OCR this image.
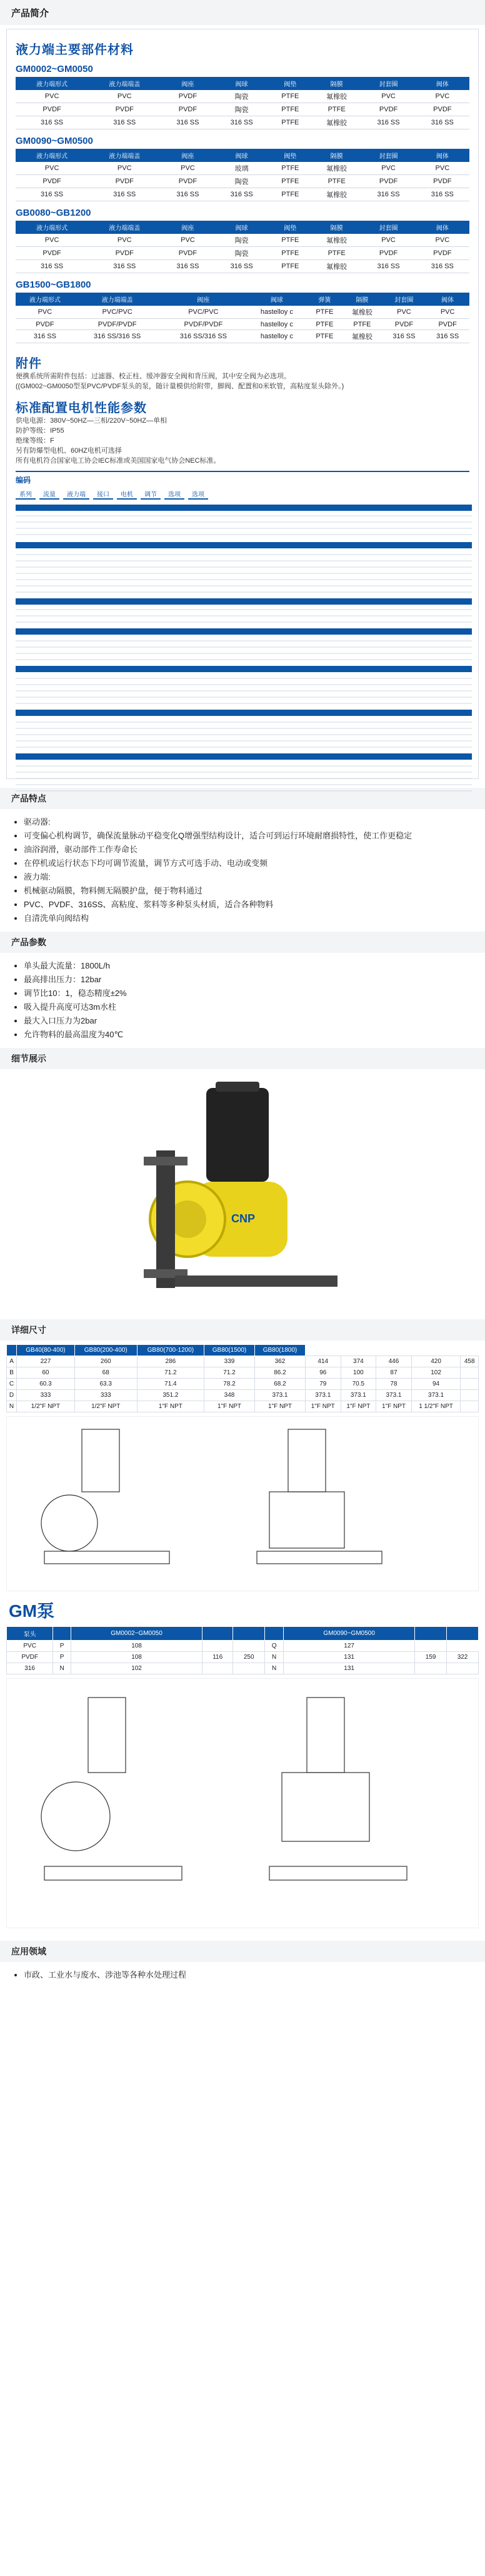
产品简介
液力端主要部件材料
GM0002~GM0050
液力端形式	液力端端盖	阀座	阀球	阀垫	隔膜	封套圈	阀体
PVC	PVC	PVDF	陶瓷	PTFE	氟橡胶	PVC	PVC
PVDF	PVDF	PVDF	陶瓷	PTFE	PTFE	PVDF	PVDF
316 SS	316 SS	316 SS	316 SS	PTFE	氟橡胶	316 SS	316 SS
GM0090~GM0500
液力端形式	液力端端盖	阀座	阀球	阀垫	隔膜	封套圈	阀体
PVC	PVC	PVC	玻璃	PTFE	氟橡胶	PVC	PVC
PVDF	PVDF	PVDF	陶瓷	PTFE	PTFE	PVDF	PVDF
316 SS	316 SS	316 SS	316 SS	PTFE	氟橡胶	316 SS	316 SS
GB0080~GB1200
液力端形式	液力端端盖	阀座	阀球	阀垫	隔膜	封套圈	阀体
PVC	PVC	PVC	陶瓷	PTFE	氟橡胶	PVC	PVC
PVDF	PVDF	PVDF	陶瓷	PTFE	PTFE	PVDF	PVDF
316 SS	316 SS	316 SS	316 SS	PTFE	氟橡胶	316 SS	316 SS
GB1500~GB1800
液力端形式	液力端端盖	阀座	阀球	弹簧	隔膜	封套圈	阀体
PVC	PVC/PVC	PVC/PVC	hastelloy c	PTFE	氟橡胶	PVC	PVC
PVDF	PVDF/PVDF	PVDF/PVDF	hastelloy c	PTFE	PTFE	PVDF	PVDF
316 SS	316 SS/316 SS	316 SS/316 SS	hastelloy c	PTFE	氟橡胶	316 SS	316 SS
附件
便携系统所需附件包括：过滤器、校正柱、缓冲器安全阀和背压阀，其中安全阀为必选项。
((GM002~GM0050型泵PVC/PVDF泵头的泵，随计量模供给附带，脚阀、配置和0米软管，高粘度泵头除外。)
标准配置电机性能参数
供电电源：380V~50HZ—三相/220V~50HZ—单相
防护等级：IP55
绝缘等级：F
另有防爆型电机、60HZ电机可选择
所有电机符合国家电工协会IEC标准或美国国家电气协会NEC标准。
编码
系列	流量	液力端	接口	电机	调节	选项	选项
产品特点
• 驱动器:
• 可变偏心机构调节，确保流量脉动平稳变化Q增强型结构设计，适合可到运行环境耐磨损特性，使工作更稳定
• 油浴润滑，驱动部件工作寿命长
• 在停机或运行状态下均可调节流量，调节方式可选手动、电动或变频
• 液力端:
• 机械驱动隔膜，物料侧无隔膜护盘，便于物料通过
• PVC、PVDF、316SS、高粘度、浆料等多种泵头材质，适合各种物料
• 自清洗单向阀结构
产品参数
• 单头最大流量：1800L/h
• 最高排出压力：12bar
• 调节比10：1，稳态精度±2%
• 吸入提升高度可达3m水柱
• 最大入口压力为2bar
• 允许物料的最高温度为40℃
细节展示
CNP
详细尺寸
	GB40(80-400)	GB80(200-400)	GB80(700-1200)	GB80(1500)	GB80(1800)					
A	227	260	286	339	362	414	374	446	420	458
B	60	68	71.2	71.2	86.2	96	100	87	102	
C	60.3	63.3	71.4	78.2	68.2	79	70.5	78	94	
D	333	333	351.2	348	373.1	373.1	373.1	373.1	373.1	
N	1/2"F NPT	1/2"F NPT	1"F NPT	1"F NPT	1"F NPT	1"F NPT	1"F NPT	1"F NPT	1 1/2"F NPT	
GM泵
泵头		GM0002~GM0050				GM0090~GM0500		
PVC	P	108			Q	127		
PVDF	P	108	116	250	N	131	159	322
316	N	102			N	131		
应用领域
• 市政、工业水与废水、涉池等各种水处理过程
